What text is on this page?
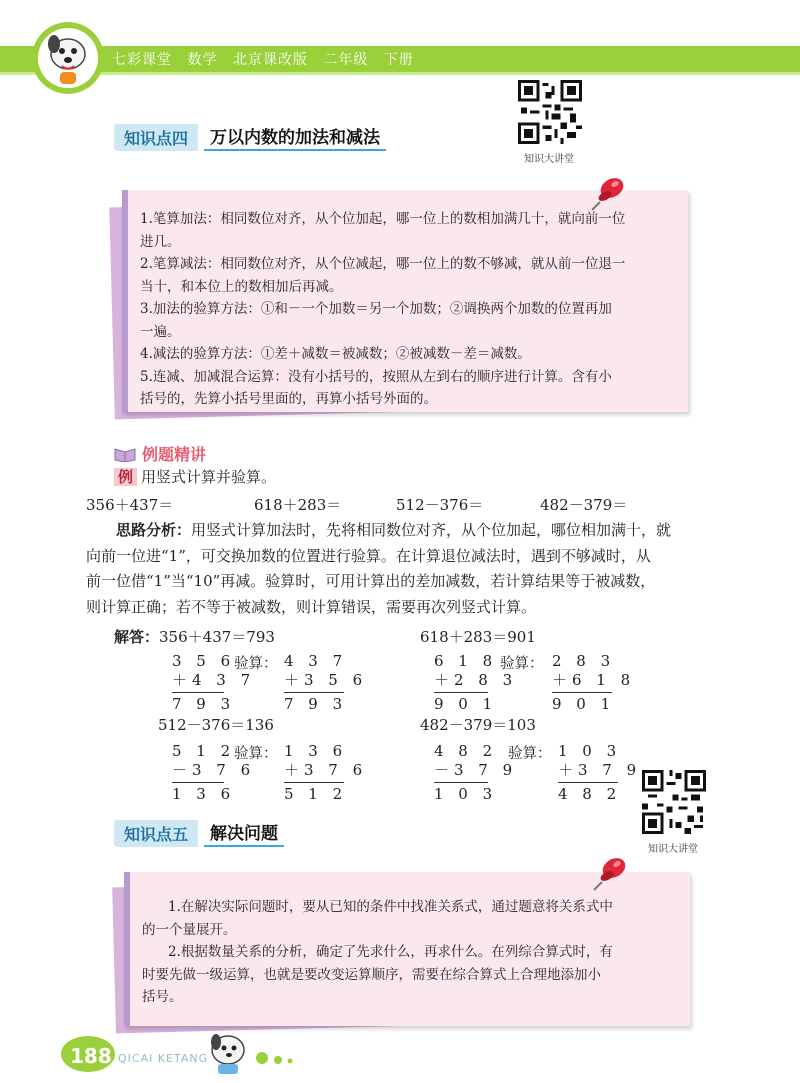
七彩课堂 数学 北京课改版 二年级 下册
知识大讲堂
知识点四	万以内数的加法和减法

1.笔算加法：相同数位对齐，从个位加起，哪一位上的数相加满几十，就向前一位

进几。

2.笔算减法：相同数位对齐，从个位减起，哪一位上的数不够减，就从前一位退一

当十，和本位上的数相加后再减。

3.加法的验算方法：①和－一个加数＝另一个加数；②调换两个加数的位置再加

一遍。

4.减法的验算方法：①差＋减数＝被减数；②被减数－差＝减数。

5.连减、加减混合运算：没有小括号的，按照从左到右的顺序进行计算。含有小

括号的，先算小括号里面的，再算小括号外面的。

例题精讲
例 用竖式计算并验算。
356＋437＝	618＋283＝	512－376＝	482－379＝
思路分析：用竖式计算加法时，先将相同数位对齐，从个位加起，哪位相加满十，就
向前一位进“1”，可交换加数的位置进行验算。在计算退位减法时，遇到不够减时，从
前一位借“1”当“10”再减。验算时，可用计算出的差加减数，若计算结果等于被减数，
则计算正确；若不等于被减数，则计算错误，需要再次列竖式计算。
解答：356＋437＝793	618＋283＝901
3 5 6
＋4 3 7
7 9 3
验算： 4 3 7
＋3 5 6
7 9 3
6 1 8
＋2 8 3
9 0 1
验算： 2 8 3
＋6 1 8
9 0 1
512－376＝136	482－379＝103
5 1 2
－3 7 6
1 3 6
验算： 1 3 6
＋3 7 6
5 1 2
4 8 2
－3 7 9
1 0 3
验算： 1 0 3
＋3 7 9
4 8 2
知识大讲堂
知识点五	解决问题

1.在解决实际问题时，要从已知的条件中找准关系式，通过题意将关系式中

的一个量展开。

2.根据数量关系的分析，确定了先求什么，再求什么。在列综合算式时，有

时要先做一级运算，也就是要改变运算顺序，需要在综合算式上合理地添加小

括号。

188 QICAI KETANG
